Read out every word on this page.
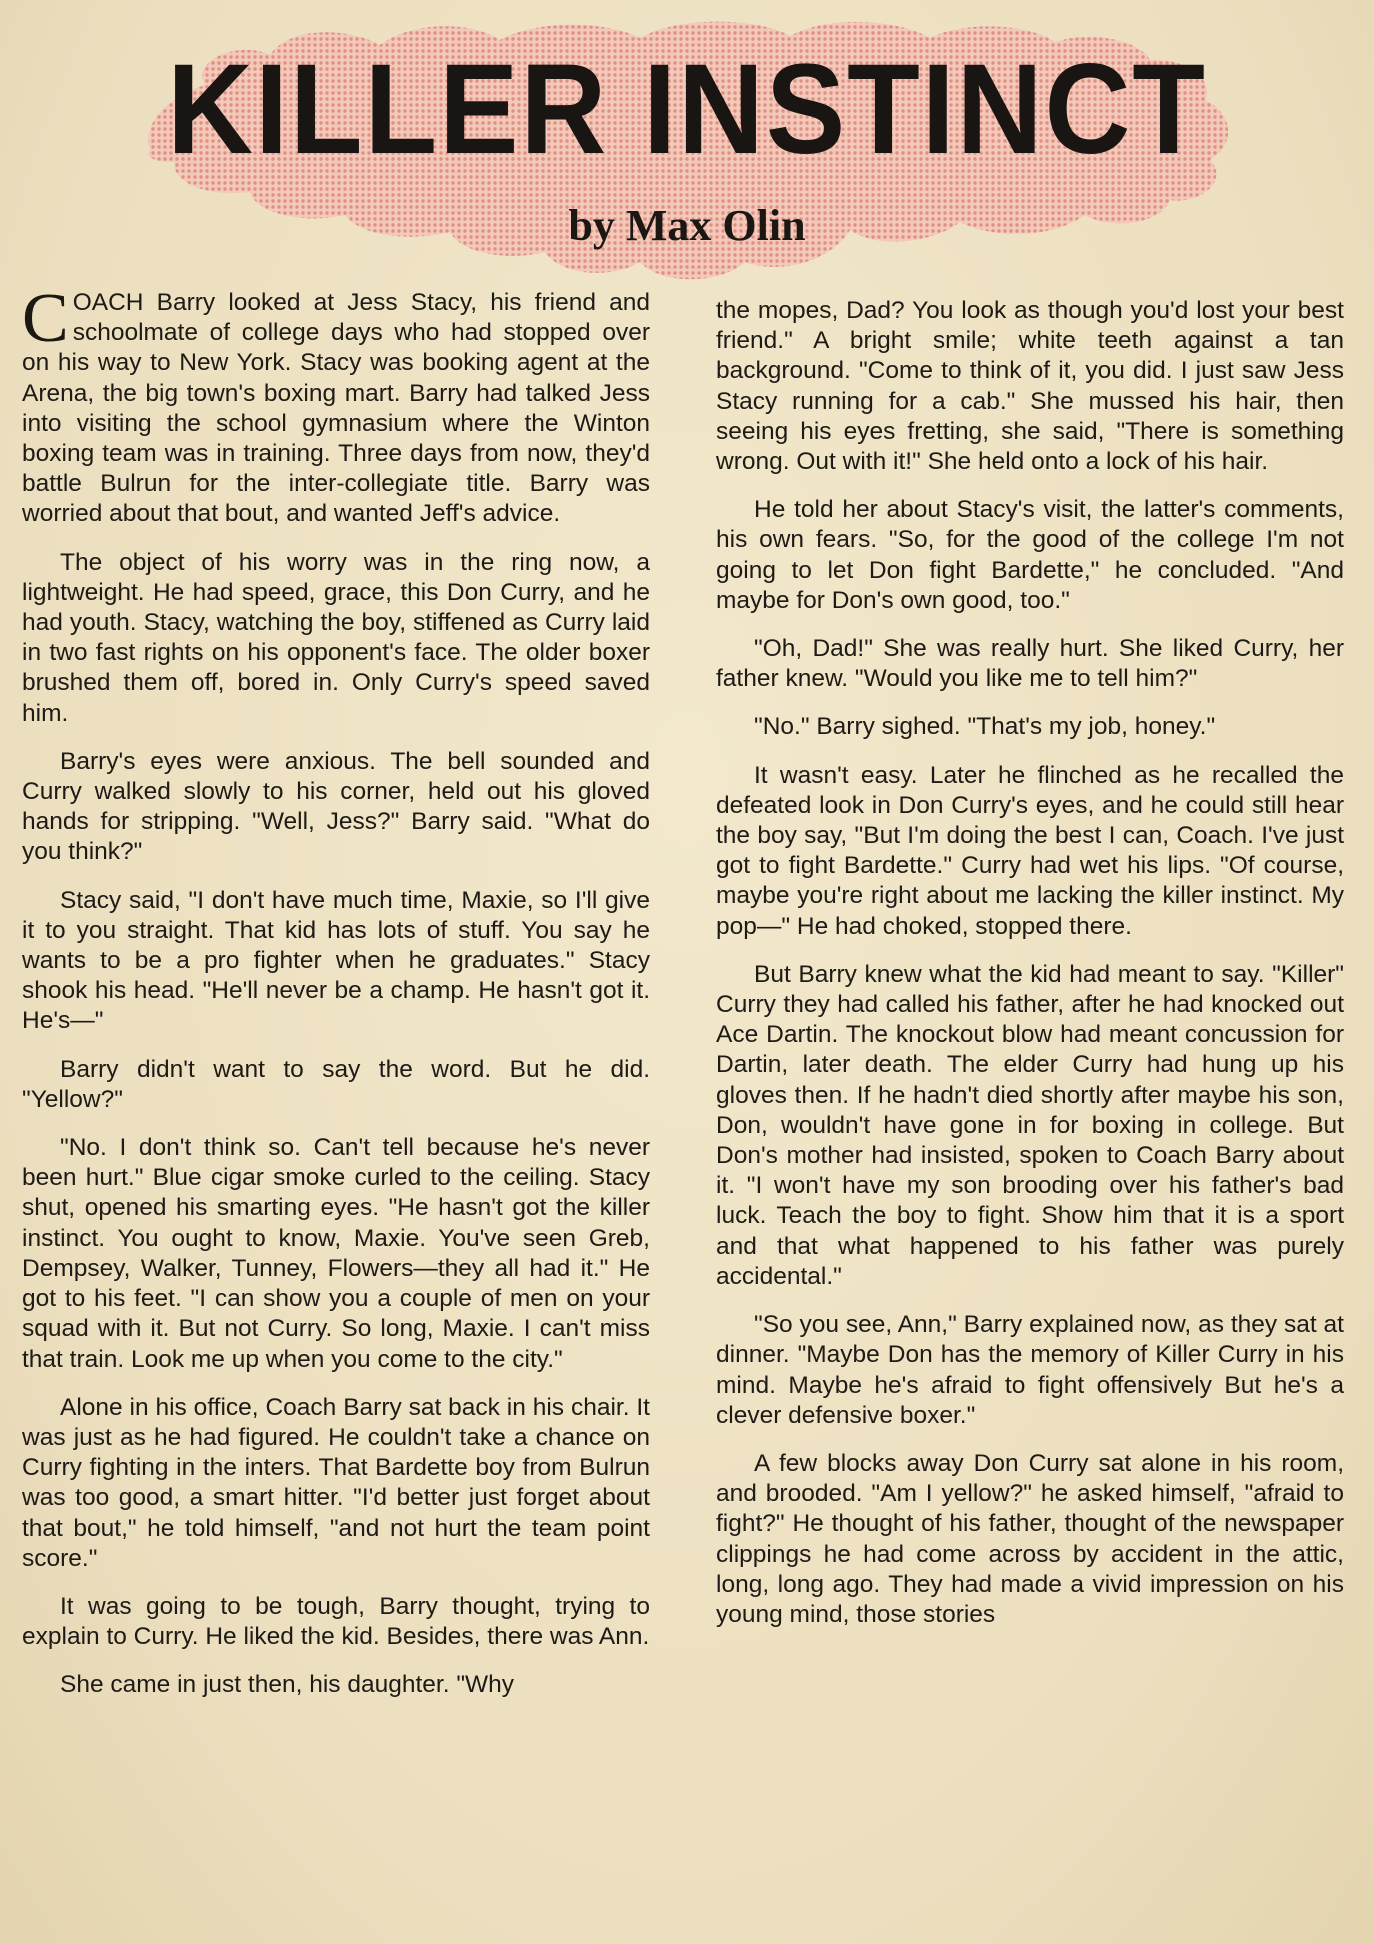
KILLER INSTINCT
by Max Olin

COACH Barry looked at Jess Stacy, his friend and schoolmate of college days who had stopped over on his way to New York. Stacy was booking agent at the Arena, the big town's boxing mart. Barry had talked Jess into visiting the school gymnasium where the Winton boxing team was in training. Three days from now, they'd battle Bulrun for the inter-collegiate title. Barry was worried about that bout, and wanted Jeff's advice.

The object of his worry was in the ring now, a lightweight. He had speed, grace, this Don Curry, and he had youth. Stacy, watching the boy, stiffened as Curry laid in two fast rights on his opponent's face. The older boxer brushed them off, bored in. Only Curry's speed saved him.

Barry's eyes were anxious. The bell sounded and Curry walked slowly to his corner, held out his gloved hands for stripping. "Well, Jess?" Barry said. "What do you think?"

Stacy said, "I don't have much time, Maxie, so I'll give it to you straight. That kid has lots of stuff. You say he wants to be a pro fighter when he graduates." Stacy shook his head. "He'll never be a champ. He hasn't got it. He's—"

Barry didn't want to say the word. But he did. "Yellow?"

"No. I don't think so. Can't tell because he's never been hurt." Blue cigar smoke curled to the ceiling. Stacy shut, opened his smarting eyes. "He hasn't got the killer instinct. You ought to know, Maxie. You've seen Greb, Dempsey, Walker, Tunney, Flowers—they all had it." He got to his feet. "I can show you a couple of men on your squad with it. But not Curry. So long, Maxie. I can't miss that train. Look me up when you come to the city."

Alone in his office, Coach Barry sat back in his chair. It was just as he had figured. He couldn't take a chance on Curry fighting in the inters. That Bardette boy from Bulrun was too good, a smart hitter. "I'd better just forget about that bout," he told himself, "and not hurt the team point score."

It was going to be tough, Barry thought, trying to explain to Curry. He liked the kid. Besides, there was Ann.

She came in just then, his daughter. "Why

the mopes, Dad? You look as though you'd lost your best friend." A bright smile; white teeth against a tan background. "Come to think of it, you did. I just saw Jess Stacy running for a cab." She mussed his hair, then seeing his eyes fretting, she said, "There is something wrong. Out with it!" She held onto a lock of his hair.

He told her about Stacy's visit, the latter's comments, his own fears. "So, for the good of the college I'm not going to let Don fight Bardette," he concluded. "And maybe for Don's own good, too."

"Oh, Dad!" She was really hurt. She liked Curry, her father knew. "Would you like me to tell him?"

"No." Barry sighed. "That's my job, honey."

It wasn't easy. Later he flinched as he recalled the defeated look in Don Curry's eyes, and he could still hear the boy say, "But I'm doing the best I can, Coach. I've just got to fight Bardette." Curry had wet his lips. "Of course, maybe you're right about me lacking the killer instinct. My pop—" He had choked, stopped there.

But Barry knew what the kid had meant to say. "Killer" Curry they had called his father, after he had knocked out Ace Dartin. The knockout blow had meant concussion for Dartin, later death. The elder Curry had hung up his gloves then. If he hadn't died shortly after maybe his son, Don, wouldn't have gone in for boxing in college. But Don's mother had insisted, spoken to Coach Barry about it. "I won't have my son brooding over his father's bad luck. Teach the boy to fight. Show him that it is a sport and that what happened to his father was purely accidental."

"So you see, Ann," Barry explained now, as they sat at dinner. "Maybe Don has the memory of Killer Curry in his mind. Maybe he's afraid to fight offensively But he's a clever defensive boxer."

A few blocks away Don Curry sat alone in his room, and brooded. "Am I yellow?" he asked himself, "afraid to fight?" He thought of his father, thought of the newspaper clippings he had come across by accident in the attic, long, long ago. They had made a vivid impression on his young mind, those stories
